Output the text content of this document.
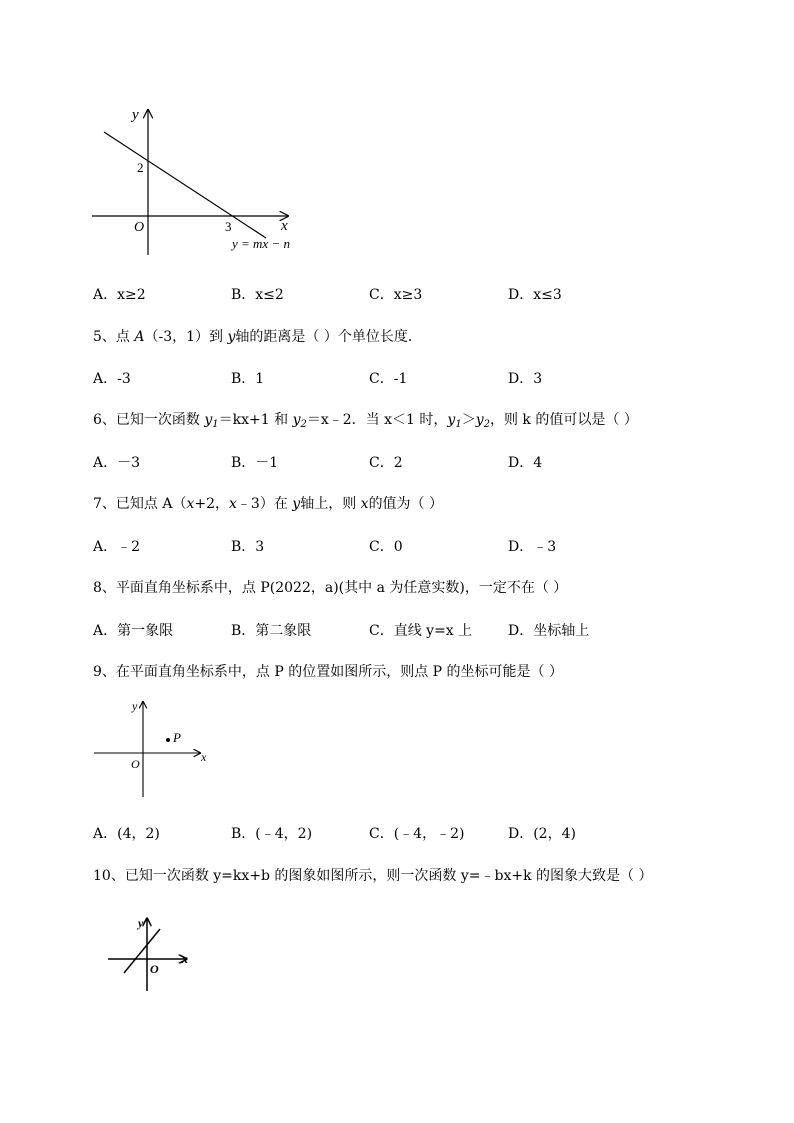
y
x
O
2
3
y = mx − n
A．x≥2	B．x≤2	C．x≥3	D．x≤3
5、点 A（-3，1）到 y轴的距离是（ ）个单位长度．
A．-3	B．1	C．-1	D．3
6、已知一次函数 $y_1=kx+1$ 和 $y_2=x﹣2$．当 x＜1 时，$y_1>y_2$，则 k 的值可以是（ ）
A．－3	B．－1	C．2	D．4
7、已知点 A（x+2，x﹣3）在 y轴上，则 x的值为（ ）
A．﹣2	B．3	C．0	D．﹣3
8、平面直角坐标系中，点 P(2022，a)(其中 a 为任意实数)，一定不在（ ）
A．第一象限	B．第二象限	C．直线 y=x 上	D．坐标轴上
9、在平面直角坐标系中，点 P 的位置如图所示，则点 P 的坐标可能是（ ）
P
y
x
O
A．(4，2)	B．(﹣4，2)	C．(﹣4，﹣2)	D．(2，4)
10、已知一次函数 y=kx+b 的图象如图所示，则一次函数 y=﹣bx+k 的图象大致是（ ）
y
x
O
